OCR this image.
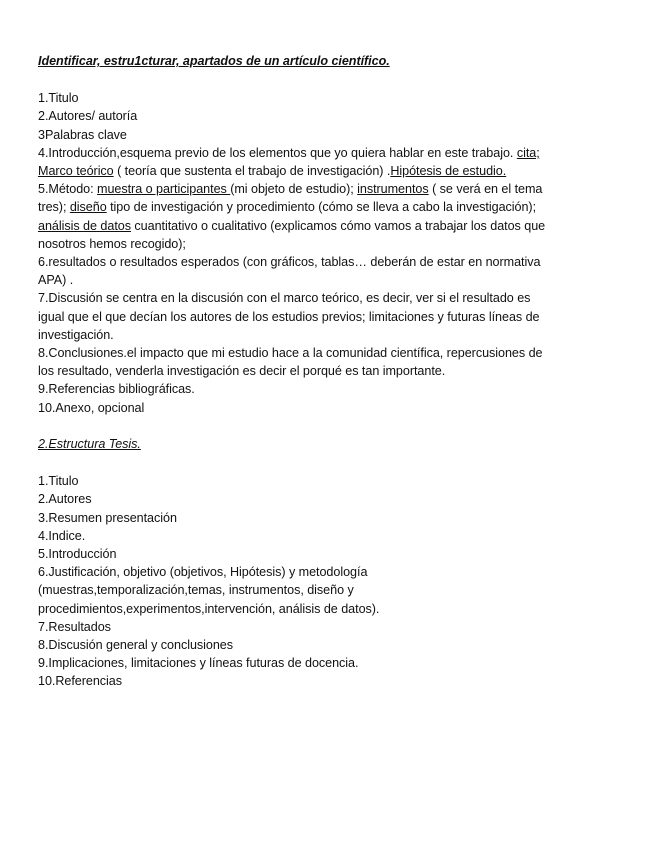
Identificar, estru1cturar, apartados de un artículo científico.

1.Titulo
2.Autores/ autoría
3Palabras clave
4.Introducción,esquema previo de los elementos que yo quiera hablar en este trabajo. cita;
Marco teórico ( teoría que sustenta el trabajo de investigación) .Hipótesis de estudio.
5.Método: muestra o participantes (mi objeto de estudio); instrumentos ( se verá en el tema
tres); diseño tipo de investigación y procedimiento (cómo se lleva a cabo la investigación);
análisis de datos cuantitativo o cualitativo (explicamos cómo vamos a trabajar los datos que
nosotros hemos recogido);
6.resultados o resultados esperados (con gráficos, tablas… deberán de estar en normativa
APA) .
7.Discusión se centra en la discusión con el marco teórico, es decir, ver si el resultado es
igual que el que decían los autores de los estudios previos; limitaciones y futuras líneas de
investigación.
8.Conclusiones.el impacto que mi estudio hace a la comunidad científica, repercusiones de
los resultado, venderla investigación es decir el porqué es tan importante.
9.Referencias bibliográficas.
10.Anexo, opcional

2.Estructura Tesis.

1.Titulo
2.Autores
3.Resumen presentación
4.Indice.
5.Introducción
6.Justificación, objetivo (objetivos, Hipótesis) y metodología
(muestras,temporalización,temas, instrumentos, diseño y
procedimientos,experimentos,intervención, análisis de datos).
7.Resultados
8.Discusión general y conclusiones
9.Implicaciones, limitaciones y líneas futuras de docencia.
10.Referencias
